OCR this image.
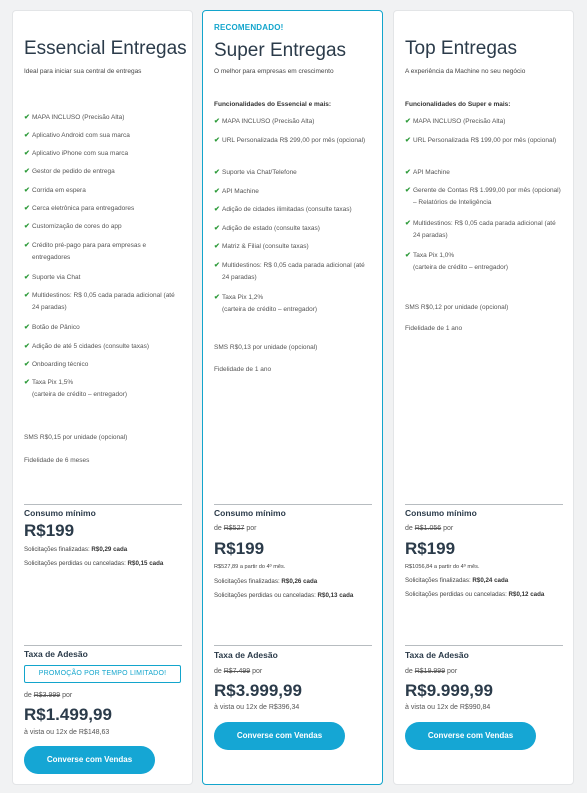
Essencial Entregas
Ideal para iniciar sua central de entregas
✔ MAPA INCLUSO (Precisão Alta)
✔ Aplicativo Android com sua marca
✔ Aplicativo iPhone com sua marca
✔ Gestor de pedido de entrega
✔ Corrida em espera
✔ Cerca eletrônica para entregadores
✔ Customização de cores do app
✔ Crédito pré-pago para para empresas e entregadores
✔ Suporte via Chat
✔ Multidestinos: R$ 0,05 cada parada adicional (até 24 paradas)
✔ Botão de Pânico
✔ Adição de até 5 cidades (consulte taxas)
✔ Onboarding técnico
✔ Taxa Pix 1,5%
(carteira de crédito – entregador)
SMS R$0,15 por unidade (opcional)
Fidelidade de 6 meses
Consumo mínimo
R$199
Solicitações finalizadas: R$0,29 cada
Solicitações perdidas ou canceladas: R$0,15 cada
Taxa de Adesão
PROMOÇÃO POR TEMPO LIMITADO!
de R$3.999 por
R$1.499,99
à vista ou 12x de R$148,63
Converse com Vendas
RECOMENDADO!
Super Entregas
O melhor para empresas em crescimento
Funcionalidades do Essencial e mais:
✔ MAPA INCLUSO (Precisão Alta)
✔ URL Personalizada R$ 299,00 por mês (opcional)
✔ Suporte via Chat/Telefone
✔ API Machine
✔ Adição de cidades ilimitadas (consulte taxas)
✔ Adição de estado (consulte taxas)
✔ Matriz & Filial (consulte taxas)
✔ Multidestinos: R$ 0,05 cada parada adicional (até 24 paradas)
✔ Taxa Pix 1,2%
(carteira de crédito – entregador)
SMS R$0,13 por unidade (opcional)
Fidelidade de 1 ano
Consumo mínimo
de R$527 por
R$199
R$527,89 a partir do 4º mês.
Solicitações finalizadas: R$0,26 cada
Solicitações perdidas ou canceladas: R$0,13 cada
Taxa de Adesão
de R$7.499 por
R$3.999,99
à vista ou 12x de R$396,34
Converse com Vendas
Top Entregas
A experiência da Machine no seu negócio
Funcionalidades do Super e mais:
✔ MAPA INCLUSO (Precisão Alta)
✔ URL Personalizada R$ 199,00 por mês (opcional)
✔ API Machine
✔ Gerente de Contas R$ 1.999,00 por mês (opcional) – Relatórios de Inteligência
✔ Multidestinos: R$ 0,05 cada parada adicional (até 24 paradas)
✔ Taxa Pix 1,0%
(carteira de crédito – entregador)
SMS R$0,12 por unidade (opcional)
Fidelidade de 1 ano
Consumo mínimo
de R$1.056 por
R$199
R$1056,84 a partir do 4º mês.
Solicitações finalizadas: R$0,24 cada
Solicitações perdidas ou canceladas: R$0,12 cada
Taxa de Adesão
de R$19.999 por
R$9.999,99
à vista ou 12x de R$990,84
Converse com Vendas
